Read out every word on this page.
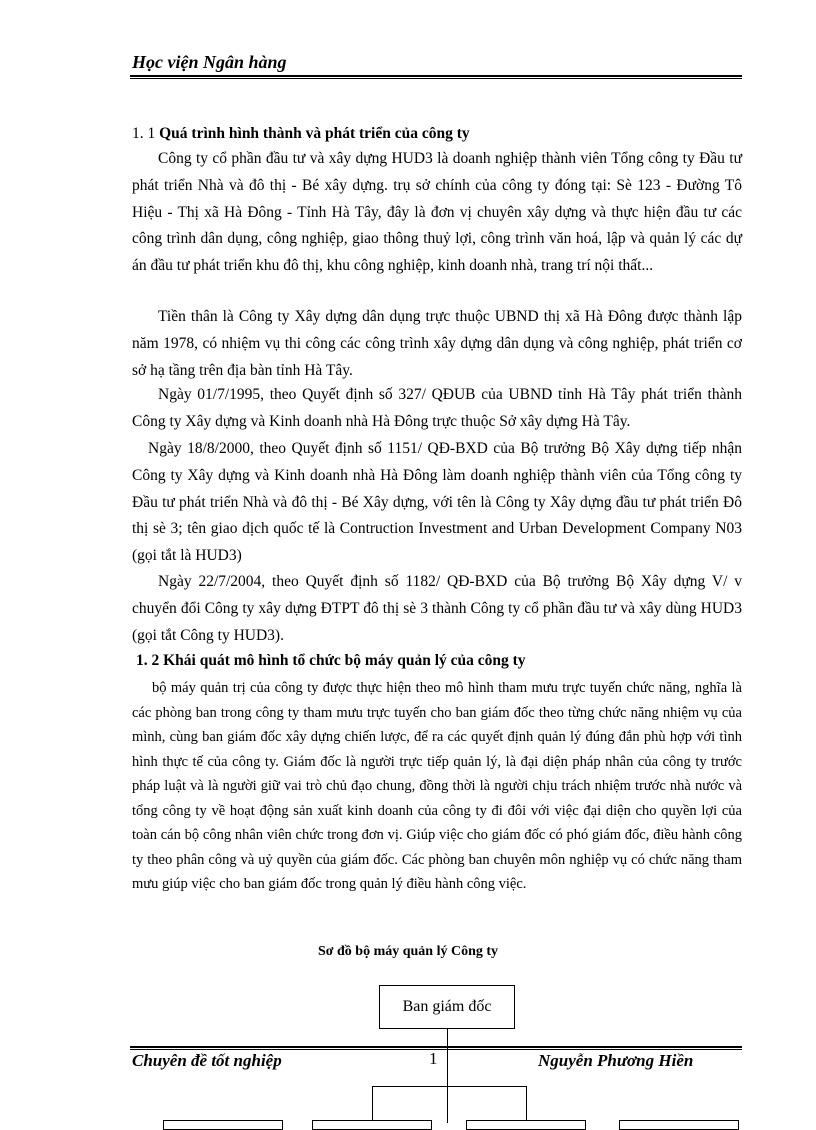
Học viện Ngân hàng
1. 1 Quá trình hình thành và phát triển của công ty

Công ty cổ phần đầu tư và xây dựng HUD3 là doanh nghiệp thành viên Tổng công ty Đầu tư phát triển Nhà và đô thị - Bé xây dựng. trụ sở chính của công ty đóng tại: Sè 123 - Đường Tô Hiệu - Thị xã Hà Đông - Tỉnh Hà Tây, đây là đơn vị chuyên xây dựng và thực hiện đầu tư các công trình dân dụng, công nghiệp, giao thông thuỷ lợi, công trình văn hoá, lập và quản lý các dự án đầu tư phát triển khu đô thị, khu công nghiệp, kinh doanh nhà, trang trí nội thất...

Tiền thân là Công ty Xây dựng dân dụng trực thuộc UBND thị xã Hà Đông được thành lập năm 1978, có nhiệm vụ thi công các công trình xây dựng dân dụng và công nghiệp, phát triển cơ sở hạ tầng trên địa bàn tỉnh Hà Tây.

Ngày 01/7/1995, theo Quyết định số 327/ QĐUB của UBND tỉnh Hà Tây phát triển thành Công ty Xây dựng và Kinh doanh nhà Hà Đông trực thuộc Sở xây dựng Hà Tây.

Ngày 18/8/2000, theo Quyết định số 1151/ QĐ-BXD của Bộ trưởng Bộ Xây dựng tiếp nhận Công ty Xây dựng và Kinh doanh nhà Hà Đông làm doanh nghiệp thành viên của Tổng công ty Đầu tư phát triển Nhà và đô thị - Bé Xây dựng, với tên là Công ty Xây dựng đầu tư phát triển Đô thị sè 3; tên giao dịch quốc tế là Contruction Investment and Urban Development Company N03 (gọi tắt là HUD3)

Ngày 22/7/2004, theo Quyết định số 1182/ QĐ-BXD của Bộ trưởng Bộ Xây dựng V/ v chuyển đổi Công ty xây dựng ĐTPT đô thị sè 3 thành Công ty cổ phần đầu tư và xây dùng HUD3 (gọi tắt Công ty HUD3).

1. 2 Khái quát mô hình tổ chức bộ máy quản lý của công ty

bộ máy quản trị của công ty được thực hiện theo mô hình tham mưu trực tuyến chức năng, nghĩa là các phòng ban trong công ty tham mưu trực tuyến cho ban giám đốc theo từng chức năng nhiệm vụ của mình, cùng ban giám đốc xây dựng chiến lược, để ra các quyết định quản lý đúng đắn phù hợp với tình hình thực tế của công ty. Giám đốc là người trực tiếp quản lý, là đại diện pháp nhân của công ty trước pháp luật và là người giữ vai trò chủ đạo chung, đồng thời là người chịu trách nhiệm trước nhà nước và tổng công ty về hoạt động sản xuất kinh doanh của công ty đi đôi với việc đại diện cho quyền lợi của toàn cán bộ công nhân viên chức trong đơn vị. Giúp việc cho giám đốc có phó giám đốc, điều hành công ty theo phân công và uỷ quyền của giám đốc. Các phòng ban chuyên môn nghiệp vụ có chức năng tham mưu giúp việc cho ban giám đốc trong quản lý điều hành công việc.

Sơ đồ bộ máy quản lý Công ty
Ban giám đốc
Chuyên đề tốt nghiệp	1	Nguyễn Phương Hiền
